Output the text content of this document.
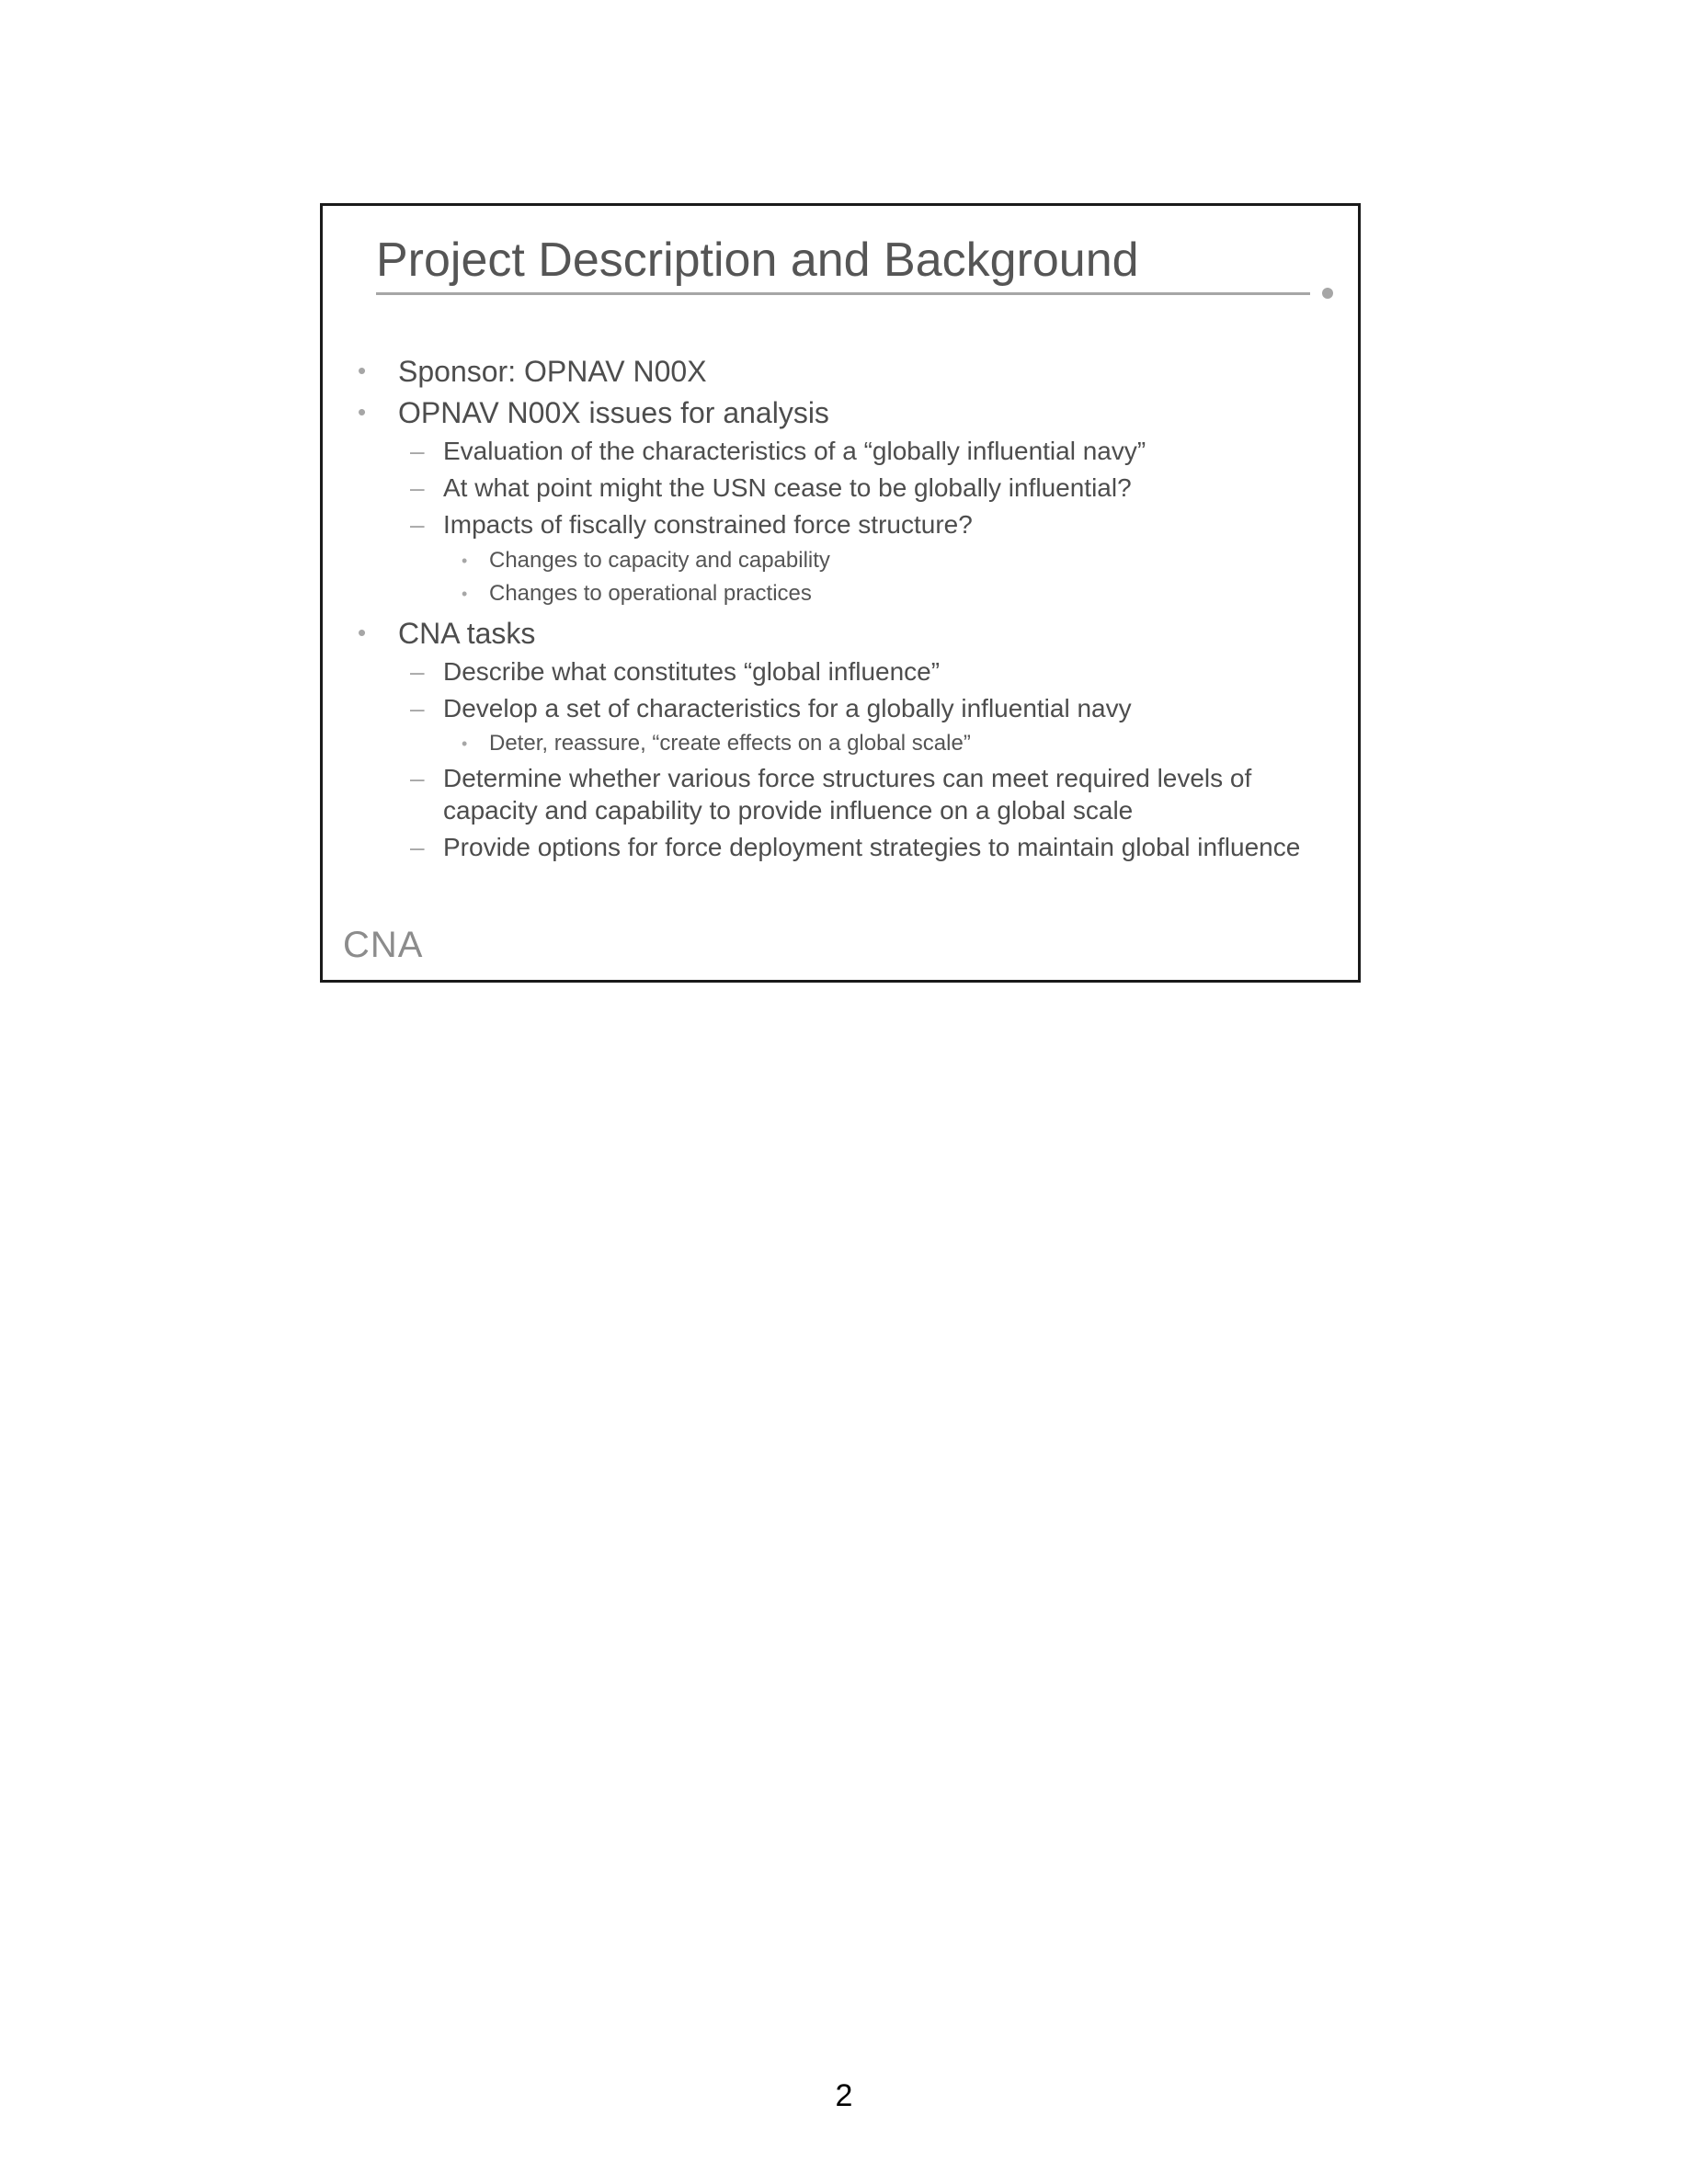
Project Description and Background
• Sponsor: OPNAV N00X
• OPNAV N00X issues for analysis
– Evaluation of the characteristics of a “globally influential navy”
– At what point might the USN cease to be globally influential?
– Impacts of fiscally constrained force structure?
• Changes to capacity and capability
• Changes to operational practices
• CNA tasks
– Describe what constitutes “global influence”
– Develop a set of characteristics for a globally influential navy
• Deter, reassure, “create effects on a global scale”
– Determine whether various force structures can meet required levels of
capacity and capability to provide influence on a global scale
– Provide options for force deployment strategies to maintain global influence
CNA
2
